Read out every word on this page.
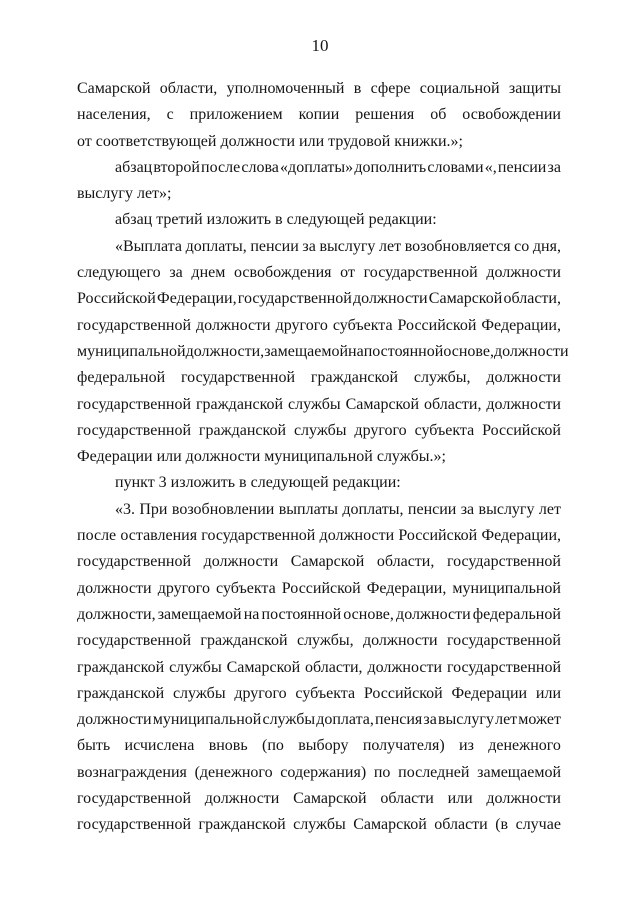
10
Самарской области, уполномоченный в сфере социальной защиты
населения, с приложением копии решения об освобождении
от соответствующей должности или трудовой книжки.»;
абзац второй после слова «доплаты» дополнить словами «, пенсии за
выслугу лет»;
абзац третий изложить в следующей редакции:
«Выплата доплаты, пенсии за выслугу лет возобновляется со дня,
следующего за днем освобождения от государственной должности
Российской Федерации, государственной должности Самарской области,
государственной должности другого субъекта Российской Федерации,
муниципальной должности, замещаемой на постоянной основе, должности
федеральной государственной гражданской службы, должности
государственной гражданской службы Самарской области, должности
государственной гражданской службы другого субъекта Российской
Федерации или должности муниципальной службы.»;
пункт 3 изложить в следующей редакции:
«3. При возобновлении выплаты доплаты, пенсии за выслугу лет
после оставления государственной должности Российской Федерации,
государственной должности Самарской области, государственной
должности другого субъекта Российской Федерации, муниципальной
должности, замещаемой на постоянной основе, должности федеральной
государственной гражданской службы, должности государственной
гражданской службы Самарской области, должности государственной
гражданской службы другого субъекта Российской Федерации или
должности муниципальной службы доплата, пенсия за выслугу лет может
быть исчислена вновь (по выбору получателя) из денежного
вознаграждения (денежного содержания) по последней замещаемой
государственной должности Самарской области или должности
государственной гражданской службы Самарской области (в случае
